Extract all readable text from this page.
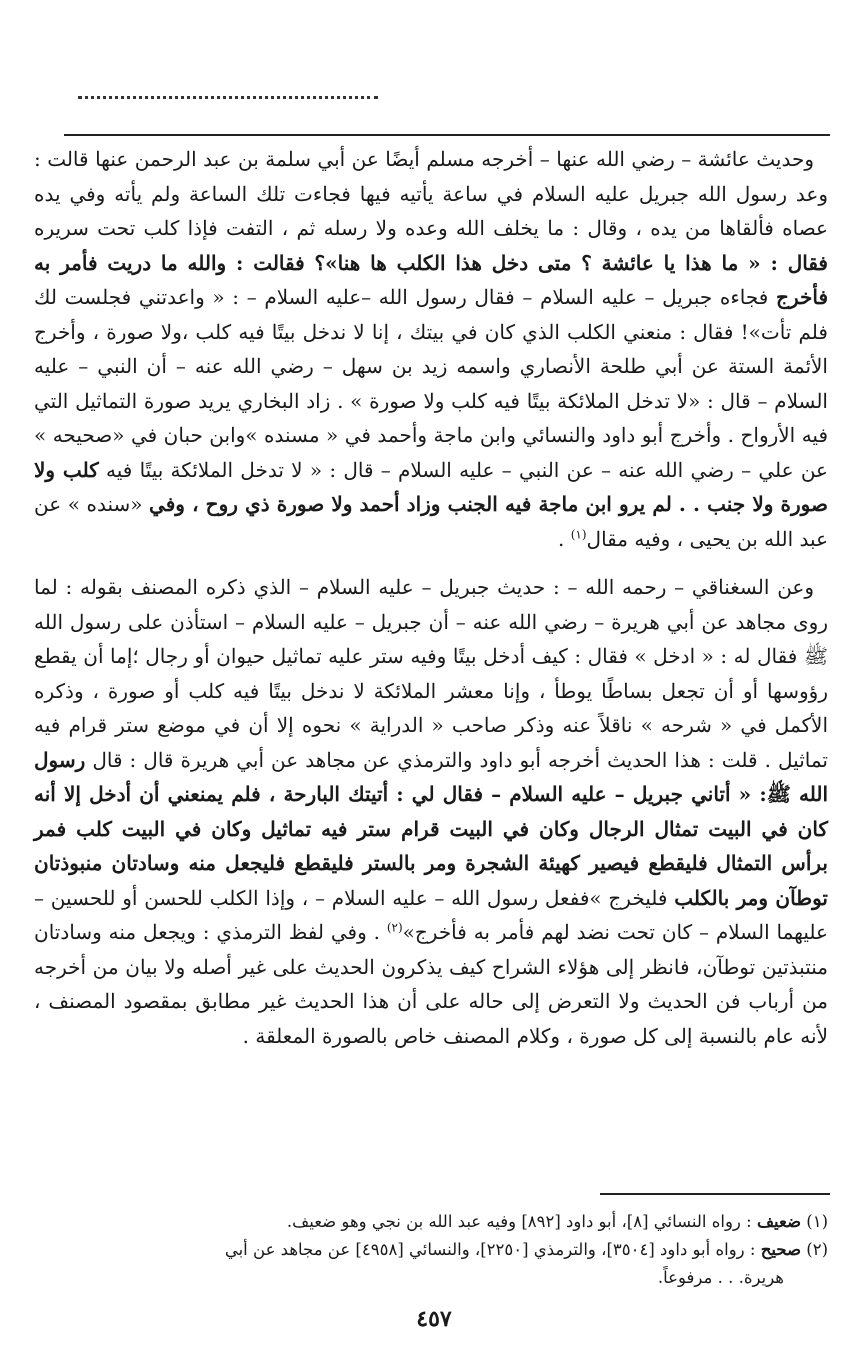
وحديث عائشة – رضي الله عنها – أخرجه مسلم أيضًا عن أبي سلمة بن عبد الرحمن عنها قالت : وعد رسول الله جبريل عليه السلام في ساعة يأتيه فيها فجاءت تلك الساعة ولم يأته وفي يده عصاه فألقاها من يده ، وقال : ما يخلف الله وعده ولا رسله ثم ، التفت فإذا كلب تحت سريره فقال : « ما هذا يا عائشة ؟ متى دخل هذا الكلب ها هنا»؟ فقالت : والله ما دريت فأمر به فأخرج فجاءه جبريل – عليه السلام – فقال رسول الله –عليه السلام – : « واعدتني فجلست لك فلم تأت»! فقال : منعني الكلب الذي كان في بيتك ، إنا لا ندخل بيتًا فيه كلب ،ولا صورة ، وأخرج الأئمة الستة عن أبي طلحة الأنصاري واسمه زيد بن سهل – رضي الله عنه – أن النبي – عليه السلام – قال : «لا تدخل الملائكة بيتًا فيه كلب ولا صورة » . زاد البخاري يريد صورة التماثيل التي فيه الأرواح . وأخرج أبو داود والنسائي وابن ماجة وأحمد في « مسنده »وابن حبان في «صحيحه » عن علي – رضي الله عنه – عن النبي – عليه السلام – قال : « لا تدخل الملائكة بيتًا فيه كلب ولا صورة ولا جنب . . لم يرو ابن ماجة فيه الجنب وزاد أحمد ولا صورة ذي روح ، وفي «سنده » عن عبد الله بن يحيى ، وفيه مقال$^{(١)}$ .

وعن السغناقي – رحمه الله – : حديث جبريل – عليه السلام – الذي ذكره المصنف بقوله : لما روى مجاهد عن أبي هريرة – رضي الله عنه – أن جبريل – عليه السلام – استأذن على رسول الله ﷺ فقال له : « ادخل » فقال : كيف أدخل بيتًا وفيه ستر عليه تماثيل حيوان أو رجال ؛إما أن يقطع رؤوسها أو أن تجعل بساطًا يوطأ ، وإنا معشر الملائكة لا ندخل بيتًا فيه كلب أو صورة ، وذكره الأكمل في « شرحه » ناقلاً عنه وذكر صاحب « الدراية » نحوه إلا أن في موضع ستر قرام فيه تماثيل . قلت : هذا الحديث أخرجه أبو داود والترمذي عن مجاهد عن أبي هريرة قال : قال رسول الله ﷺ: « أتاني جبريل – عليه السلام – فقال لي : أتيتك البارحة ، فلم يمنعني أن أدخل إلا أنه كان في البيت تمثال الرجال وكان في البيت قرام ستر فيه تماثيل وكان في البيت كلب فمر برأس التمثال فليقطع فيصير كهيئة الشجرة ومر بالستر فليقطع فليجعل منه وسادتان منبوذتان توطآن ومر بالكلب فليخرج »ففعل رسول الله – عليه السلام – ، وإذا الكلب للحسن أو للحسين – عليهما السلام – كان تحت نضد لهم فأمر به فأخرج»$^{(٢)}$ . وفي لفظ الترمذي : ويجعل منه وسادتان منتبذتين توطآن، فانظر إلى هؤلاء الشراح كيف يذكرون الحديث على غير أصله ولا بيان من أخرجه من أرباب فن الحديث ولا التعرض إلى حاله على أن هذا الحديث غير مطابق بمقصود المصنف ، لأنه عام بالنسبة إلى كل صورة ، وكلام المصنف خاص بالصورة المعلقة .

(١) ضعيف : رواه النسائي [٨]، أبو داود [٨٩٢] وفيه عبد الله بن نجي وهو ضعيف.

(٢) صحيح : رواه أبو داود [٣٥٠٤]، والترمذي [٢٢٥٠]، والنسائي [٤٩٥٨] عن مجاهد عن أبي

هريرة. . . مرفوعاً.

٤٥٧
